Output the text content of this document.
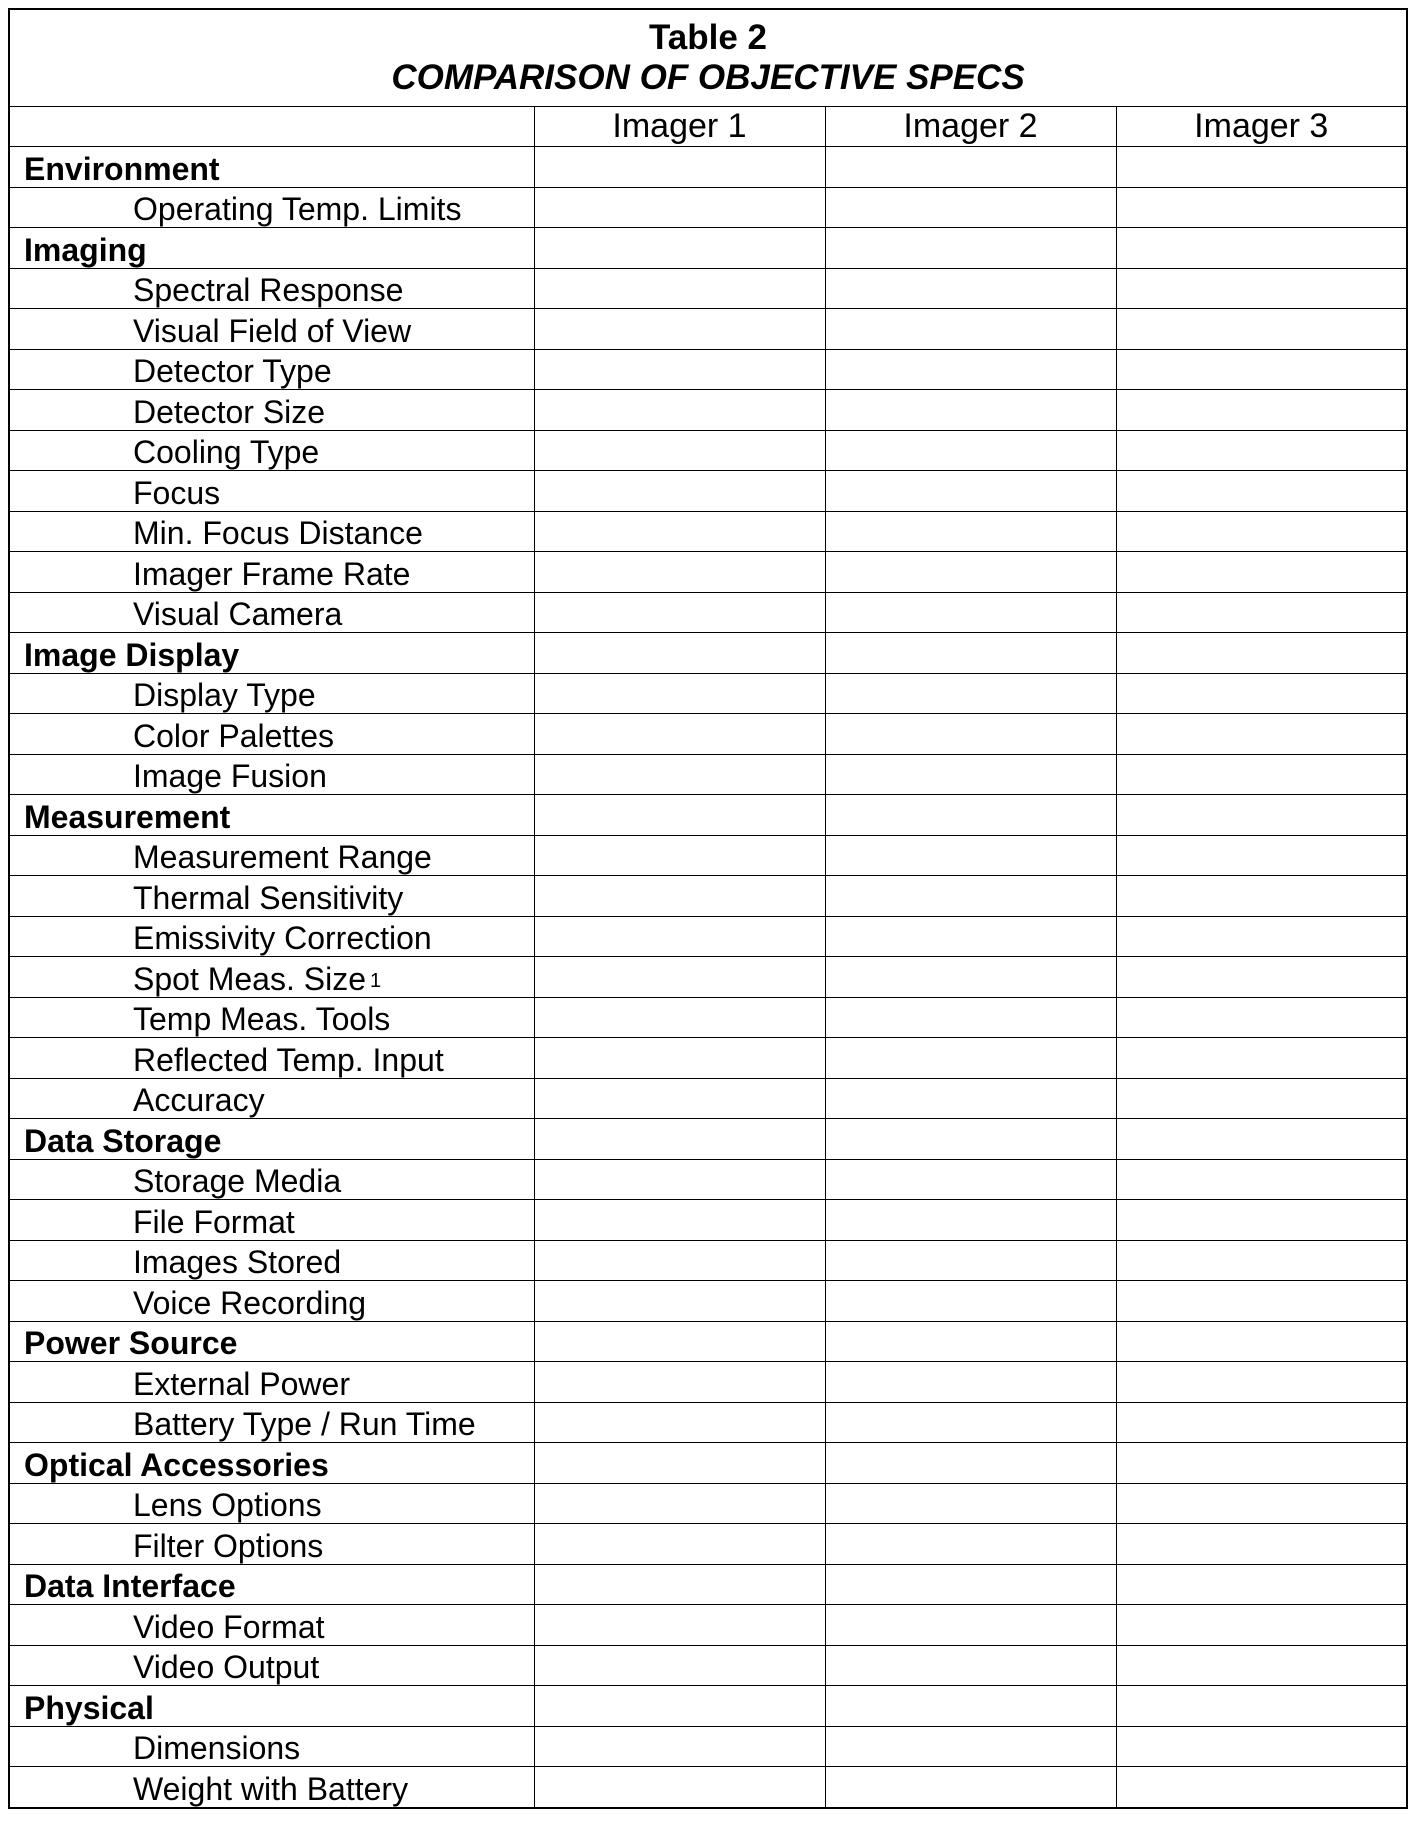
Table 2
COMPARISON OF OBJECTIVE SPECS			

	Imager 1	Imager 2	Imager 3
Environment			
Operating Temp. Limits			
Imaging			
Spectral Response			
Visual Field of View			
Detector Type			
Detector Size			
Cooling Type			
Focus			
Min. Focus Distance			
Imager Frame Rate			
Visual Camera			
Image Display			
Display Type			
Color Palettes			
Image Fusion			
Measurement			
Measurement Range			
Thermal Sensitivity			
Emissivity Correction			
Spot Meas. Size $^1$			
Temp Meas. Tools			
Reflected Temp. Input			
Accuracy			
Data Storage			
Storage Media			
File Format			
Images Stored			
Voice Recording			
Power Source			
External Power			
Battery Type / Run Time			
Optical Accessories			
Lens Options			
Filter Options			
Data Interface			
Video Format			
Video Output			
Physical			
Dimensions			
Weight with Battery			
